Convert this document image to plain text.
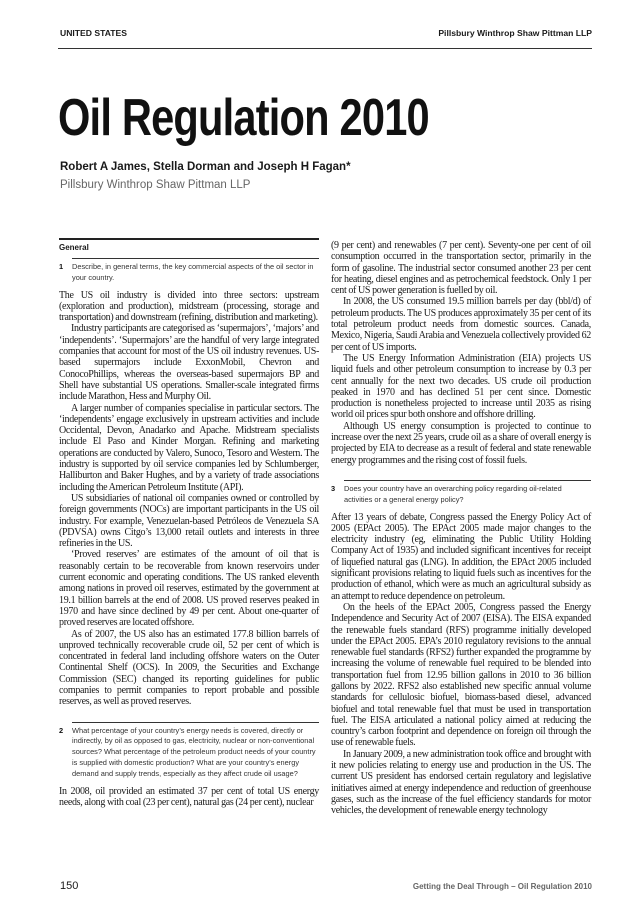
UNITED STATES	Pillsbury Winthrop Shaw Pittman LLP
Oil Regulation 2010
Robert A James, Stella Dorman and Joseph H Fagan*
Pillsbury Winthrop Shaw Pittman LLP
General
1	Describe, in general terms, the key commercial aspects of the oil sector in your country.

The US oil industry is divided into three sectors: upstream (exploration and production), midstream (processing, storage and transportation) and downstream (refining, distribution and marketing).

Industry participants are categorised as ‘supermajors’, ‘majors’ and ‘independents’. ‘Supermajors’ are the handful of very large integrated companies that account for most of the US oil industry revenues. US-based supermajors include ExxonMobil, Chevron and ConocoPhillips, whereas the overseas-based supermajors BP and Shell have substantial US operations. Smaller-scale integrated firms include Marathon, Hess and Murphy Oil.

A larger number of companies specialise in particular sectors. The ‘independents’ engage exclusively in upstream activities and include Occidental, Devon, Anadarko and Apache. Midstream specialists include El Paso and Kinder Morgan. Refining and marketing operations are conducted by Valero, Sunoco, Tesoro and Western. The industry is supported by oil service companies led by Schlumberger, Halliburton and Baker Hughes, and by a variety of trade associations including the American Petroleum Institute (API).

US subsidiaries of national oil companies owned or controlled by foreign governments (NOCs) are important participants in the US oil industry. For example, Venezuelan-based Petróleos de Venezuela SA (PDVSA) owns Citgo’s 13,000 retail outlets and interests in three refineries in the US.

‘Proved reserves’ are estimates of the amount of oil that is reasonably certain to be recoverable from known reservoirs under current economic and operating conditions. The US ranked eleventh among nations in proved oil reserves, estimated by the government at 19.1 billion barrels at the end of 2008. US proved reserves peaked in 1970 and have since declined by 49 per cent. About one-quarter of proved reserves are located offshore.

As of 2007, the US also has an estimated 177.8 billion barrels of unproved technically recoverable crude oil, 52 per cent of which is concentrated in federal land including offshore waters on the Outer Continental Shelf (OCS). In 2009, the Securities and Exchange Commission (SEC) changed its reporting guidelines for public companies to permit companies to report probable and possible reserves, as well as proved reserves.

2	What percentage of your country’s energy needs is covered, directly or indirectly, by oil as opposed to gas, electricity, nuclear or non-conventional sources? What percentage of the petroleum product needs of your country is supplied with domestic production? What are your country’s energy demand and supply trends, especially as they affect crude oil usage?

In 2008, oil provided an estimated 37 per cent of total US energy needs, along with coal (23 per cent), natural gas (24 per cent), nuclear

(9 per cent) and renewables (7 per cent). Seventy-one per cent of oil consumption occurred in the transportation sector, primarily in the form of gasoline. The industrial sector consumed another 23 per cent for heating, diesel engines and as petrochemical feedstock. Only 1 per cent of US power generation is fuelled by oil.

In 2008, the US consumed 19.5 million barrels per day (bbl/d) of petroleum products. The US produces approximately 35 per cent of its total petroleum product needs from domestic sources. Canada, Mexico, Nigeria, Saudi Arabia and Venezuela collectively provided 62 per cent of US imports.

The US Energy Information Administration (EIA) projects US liquid fuels and other petroleum consumption to increase by 0.3 per cent annually for the next two decades. US crude oil production peaked in 1970 and has declined 51 per cent since. Domestic production is nonetheless projected to increase until 2035 as rising world oil prices spur both onshore and offshore drilling.

Although US energy consumption is projected to continue to increase over the next 25 years, crude oil as a share of overall energy is projected by EIA to decrease as a result of federal and state renewable energy programmes and the rising cost of fossil fuels.

3	Does your country have an overarching policy regarding oil-related activities or a general energy policy?

After 13 years of debate, Congress passed the Energy Policy Act of 2005 (EPAct 2005). The EPAct 2005 made major changes to the electricity industry (eg, eliminating the Public Utility Holding Company Act of 1935) and included significant incentives for receipt of liquefied natural gas (LNG). In addition, the EPAct 2005 included significant provisions relating to liquid fuels such as incentives for the production of ethanol, which were as much an agricultural subsidy as an attempt to reduce dependence on petroleum.

On the heels of the EPAct 2005, Congress passed the Energy Independence and Security Act of 2007 (EISA). The EISA expanded the renewable fuels standard (RFS) programme initially developed under the EPAct 2005. EPA’s 2010 regulatory revisions to the annual renewable fuel standards (RFS2) further expanded the programme by increasing the volume of renewable fuel required to be blended into transportation fuel from 12.95 billion gallons in 2010 to 36 billion gallons by 2022. RFS2 also established new specific annual volume standards for cellulosic biofuel, biomass-based diesel, advanced biofuel and total renewable fuel that must be used in transportation fuel. The EISA articulated a national policy aimed at reducing the country’s carbon footprint and dependence on foreign oil through the use of renewable fuels.

In January 2009, a new administration took office and brought with it new policies relating to energy use and production in the US. The current US president has endorsed certain regulatory and legislative initiatives aimed at energy independence and reduction of greenhouse gases, such as the increase of the fuel efficiency standards for motor vehicles, the development of renewable energy technology

150	Getting the Deal Through – Oil Regulation 2010
